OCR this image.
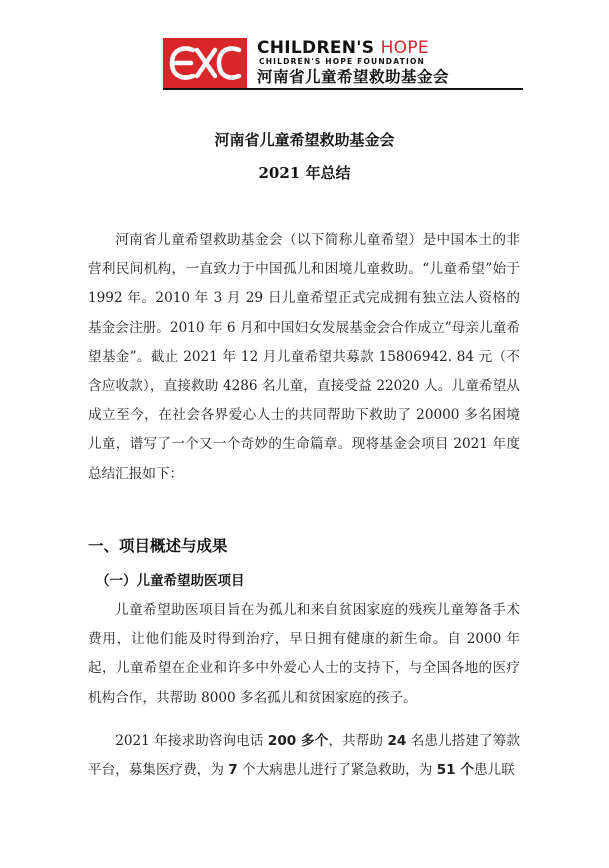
CHILDREN'S HOPE
CHILDREN'S HOPE FOUNDATION
河南省儿童希望救助基金会
河南省儿童希望救助基金会
2021 年总结

河南省儿童希望救助基金会（以下简称儿童希望）是中国本土的非营利民间机构，一直致力于中国孤儿和困境儿童救助。“儿童希望”始于 1992 年。2010 年 3 月 29 日儿童希望正式完成拥有独立法人资格的基金会注册。2010 年 6 月和中国妇女发展基金会合作成立”母亲儿童希望基金”。截止 2021 年 12 月儿童希望共募款 15806942. 84 元（不含应收款），直接救助 4286 名儿童，直接受益 22020 人。儿童希望从成立至今，在社会各界爱心人士的共同帮助下救助了 20000 多名困境儿童，谱写了一个又一个奇妙的生命篇章。现将基金会项目 2021 年度总结汇报如下：

一、项目概述与成果
（一）儿童希望助医项目

儿童希望助医项目旨在为孤儿和来自贫困家庭的残疾儿童筹备手术费用，让他们能及时得到治疗，早日拥有健康的新生命。自 2000 年起，儿童希望在企业和许多中外爱心人士的支持下，与全国各地的医疗机构合作，共帮助 8000 多名孤儿和贫困家庭的孩子。

2021 年接求助咨询电话 200 多个，共帮助 24 名患儿搭建了筹款平台，募集医疗费，为 7 个大病患儿进行了紧急救助，为 51 个患儿联
